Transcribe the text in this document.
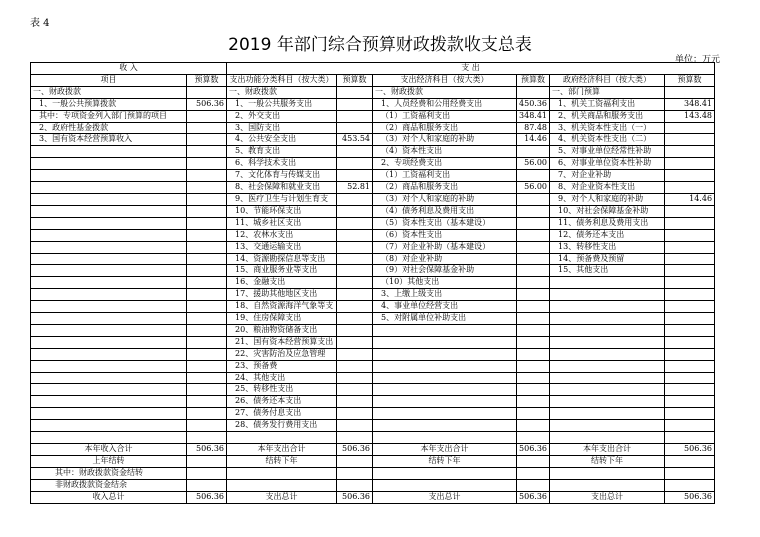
表 4
2019 年部门综合预算财政拨款收支总表
单位：万元
收 入		支 出					
项目	预算数	支出功能分类科目（按大类）	预算数	支出经济科目（按大类）	预算数	政府经济科目（按大类）	预算数
一、财政拨款		一、财政拨款		一、财政拨款		一、部门预算	
1、一般公共预算拨款	506.36	1、一般公共服务支出		1、人员经费和公用经费支出	450.36	1、机关工资福利支出	348.41
其中：专项资金列入部门预算的项目		2、外交支出		（1）工资福利支出	348.41	2、机关商品和服务支出	143.48
2、政府性基金拨款		3、国防支出		（2）商品和服务支出	87.48	3、机关资本性支出（一）	
3、国有资本经营预算收入		4、公共安全支出	453.54	（3）对个人和家庭的补助	14.46	4、机关资本性支出（二）	
		5、教育支出		（4）资本性支出		5、对事业单位经常性补助	
		6、科学技术支出		2、专项经费支出	56.00	6、对事业单位资本性补助	
		7、文化体育与传媒支出		（1）工资福利支出		7、对企业补助	
		8、社会保障和就业支出	52.81	（2）商品和服务支出	56.00	8、对企业资本性支出	
		9、医疗卫生与计划生育支		（3）对个人和家庭的补助		9、对个人和家庭的补助	14.46
		10、节能环保支出		（4）债务利息及费用支出		10、对社会保障基金补助	
		11、城乡社区支出		（5）资本性支出（基本建设）		11、债务利息及费用支出	
		12、农林水支出		（6）资本性支出		12、债务还本支出	
		13、交通运输支出		（7）对企业补助（基本建设）		13、转移性支出	
		14、资源勘探信息等支出		（8）对企业补助		14、预备费及预留	
		15、商业服务业等支出		（9）对社会保障基金补助		15、其他支出	
		16、金融支出		（10）其他支出			
		17、援助其他地区支出		3、上缴上级支出			
		18、自然资源海洋气象等支		4、事业单位经营支出			
		19、住房保障支出		5、对附属单位补助支出			
		20、粮油物资储备支出					
		21、国有资本经营预算支出					
		22、灾害防治及应急管理					
		23、预备费					
		24、其他支出					
		25、转移性支出					
		26、债务还本支出					
		27、债务付息支出					
		28、债务发行费用支出					

本年收入合计	506.36	本年支出合计	506.36	本年支出合计	506.36	本年支出合计	506.36
上年结转		结转下年		结转下年		结转下年	
其中：财政拨款资金结转							
非财政拨款资金结余							
收入总计	506.36	支出总计	506.36	支出总计	506.36	支出总计	506.36
